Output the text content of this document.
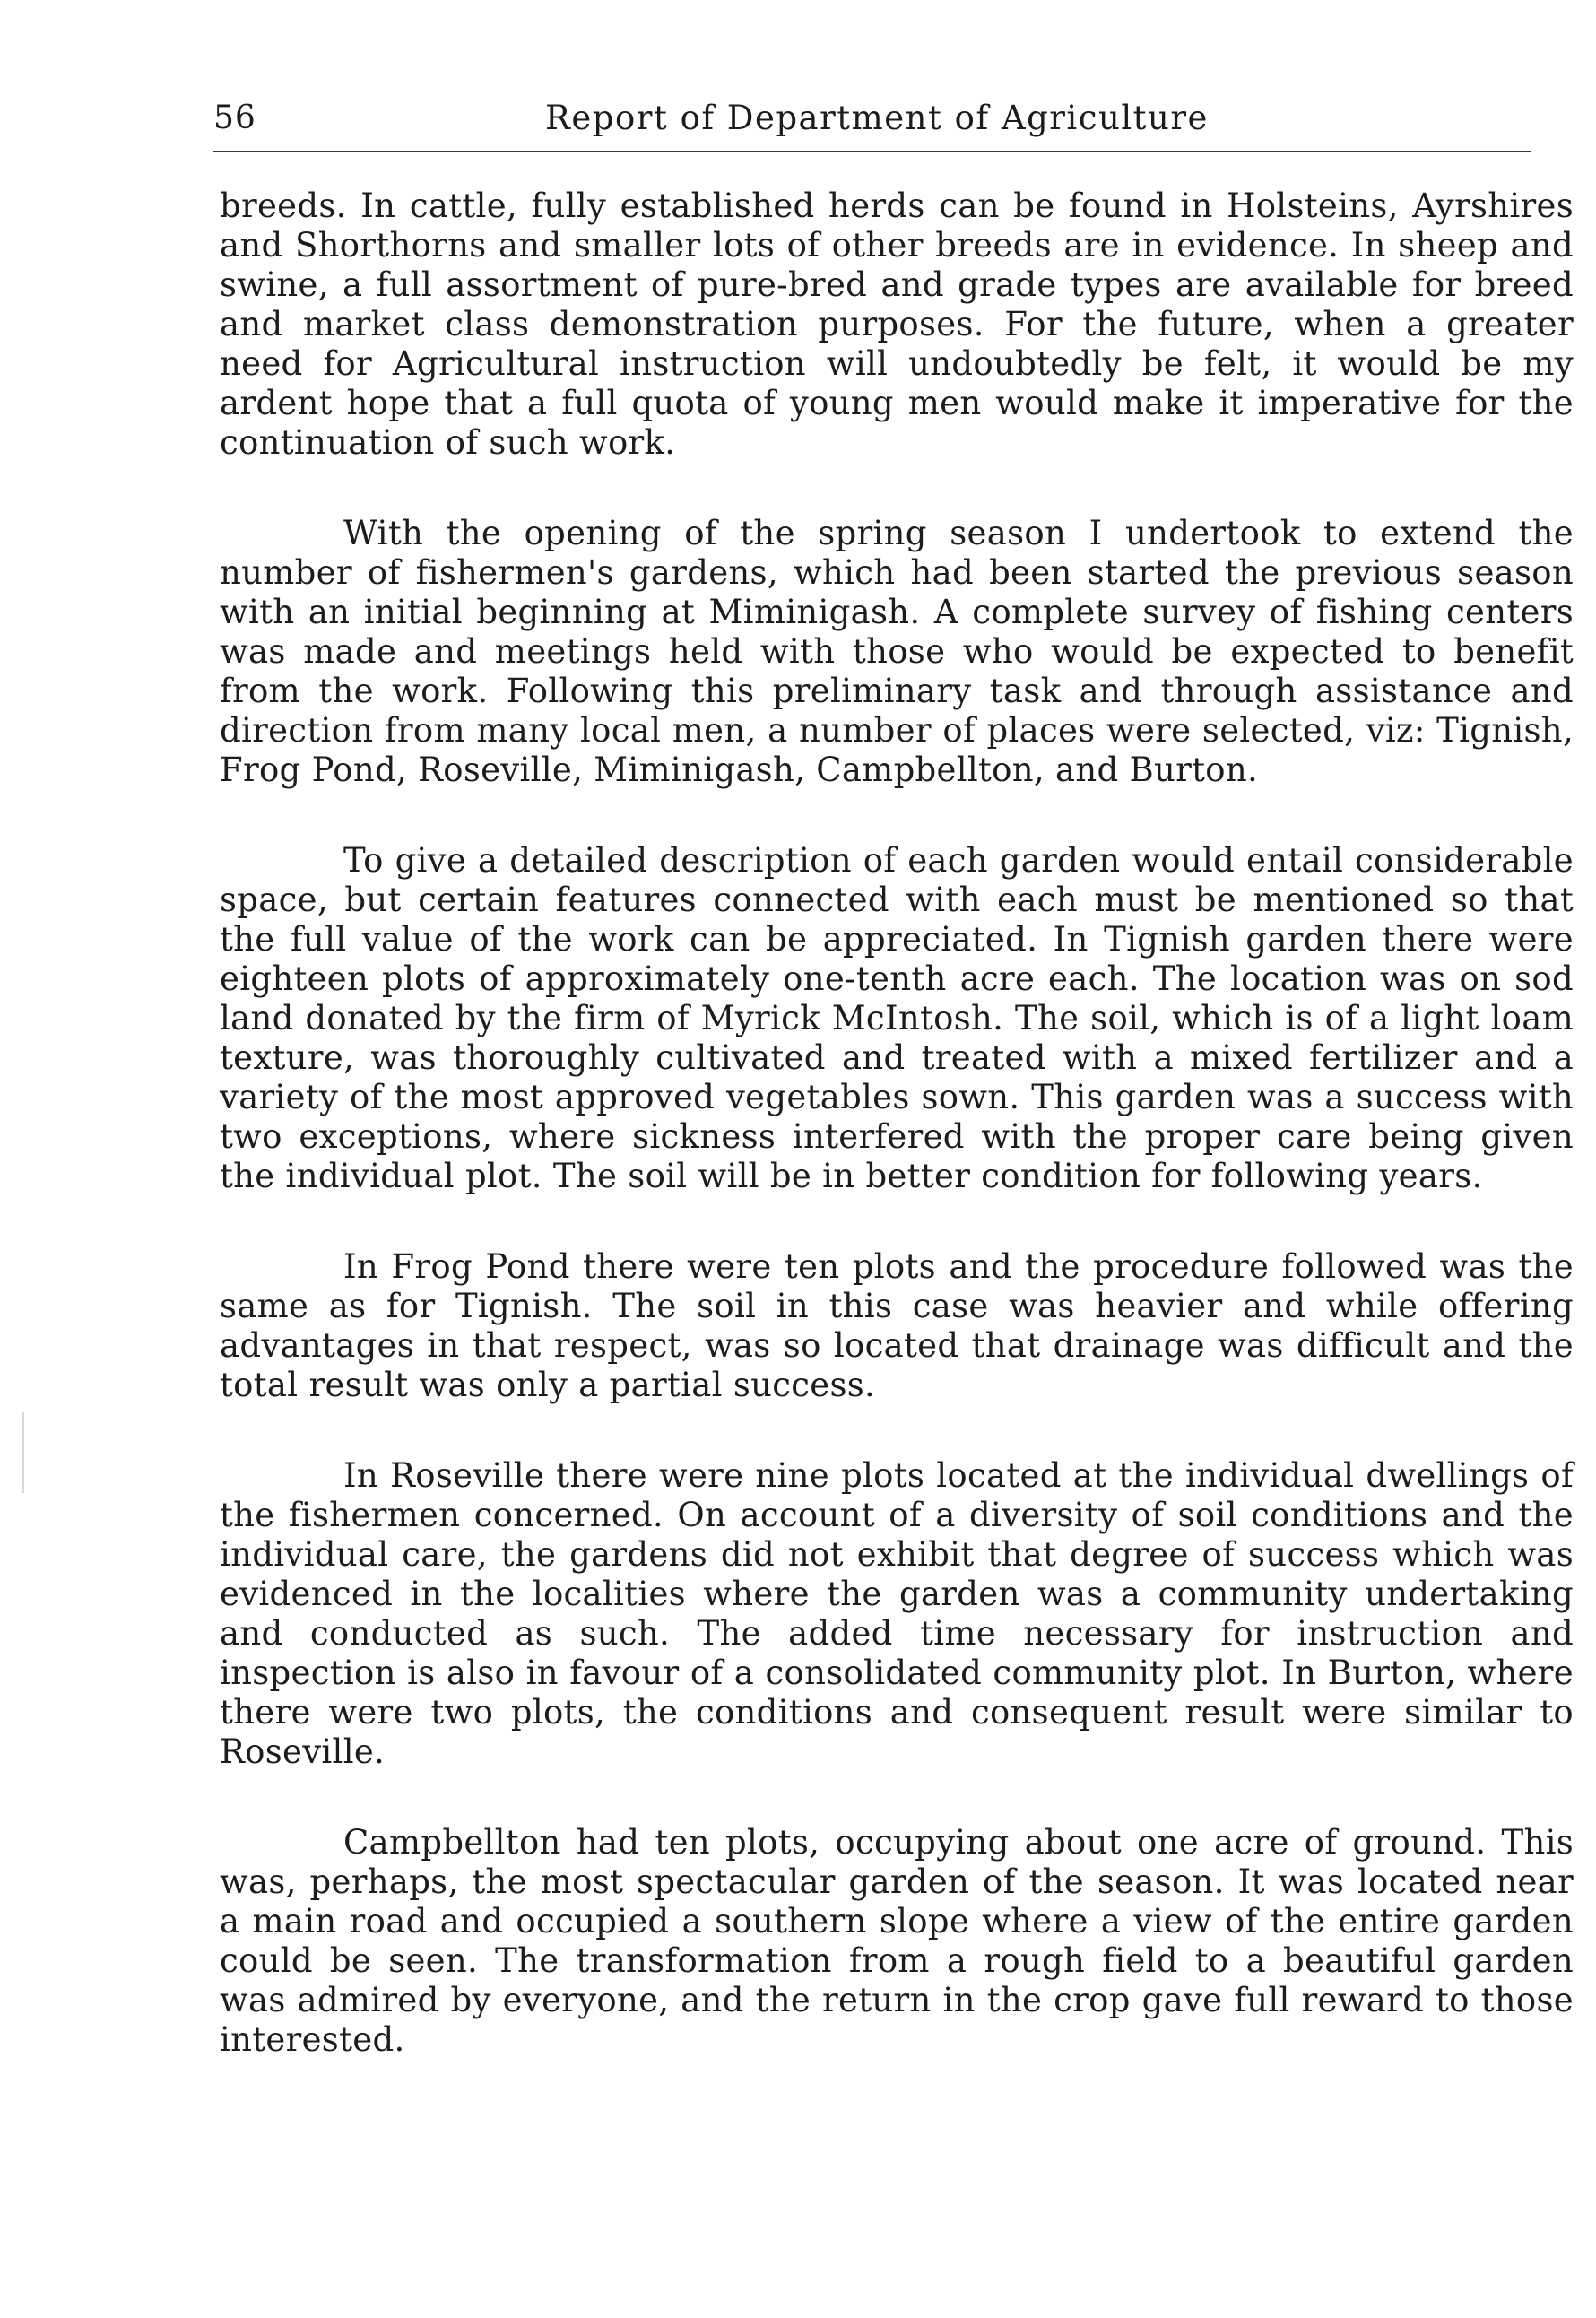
56	Report of Department of Agriculture

breeds. In cattle, fully established herds can be found in Holsteins, Ayrshires and Shorthorns and smaller lots of other breeds are in evidence. In sheep and swine, a full assortment of pure-bred and grade types are available for breed and market class demonstration purposes. For the future, when a greater need for Agricultural instruction will undoubtedly be felt, it would be my ardent hope that a full quota of young men would make it imperative for the continuation of such work.

With the opening of the spring season I undertook to extend the number of fishermen's gardens, which had been started the previous season with an initial beginning at Miminigash. A complete survey of fishing centers was made and meetings held with those who would be expected to benefit from the work. Following this preliminary task and through assistance and direction from many local men, a number of places were selected, viz: Tignish, Frog Pond, Roseville, Miminigash, Campbellton, and Burton.

To give a detailed description of each garden would entail considerable space, but certain features connected with each must be mentioned so that the full value of the work can be appreciated. In Tignish garden there were eighteen plots of approximately one-tenth acre each. The location was on sod land donated by the firm of Myrick McIntosh. The soil, which is of a light loam texture, was thoroughly cultivated and treated with a mixed fertilizer and a variety of the most approved vegetables sown. This garden was a success with two exceptions, where sickness interfered with the proper care being given the individual plot. The soil will be in better condition for following years.

In Frog Pond there were ten plots and the procedure followed was the same as for Tignish. The soil in this case was heavier and while offering advantages in that respect, was so located that drainage was difficult and the total result was only a partial success.

In Roseville there were nine plots located at the individual dwellings of the fishermen concerned. On account of a diversity of soil conditions and the individual care, the gardens did not exhibit that degree of success which was evidenced in the localities where the garden was a community undertaking and conducted as such. The added time necessary for instruction and inspection is also in favour of a consolidated community plot. In Burton, where there were two plots, the conditions and consequent result were similar to Roseville.

Campbellton had ten plots, occupying about one acre of ground. This was, perhaps, the most spectacular garden of the season. It was located near a main road and occupied a southern slope where a view of the entire garden could be seen. The transformation from a rough field to a beautiful garden was admired by everyone, and the return in the crop gave full reward to those interested.
